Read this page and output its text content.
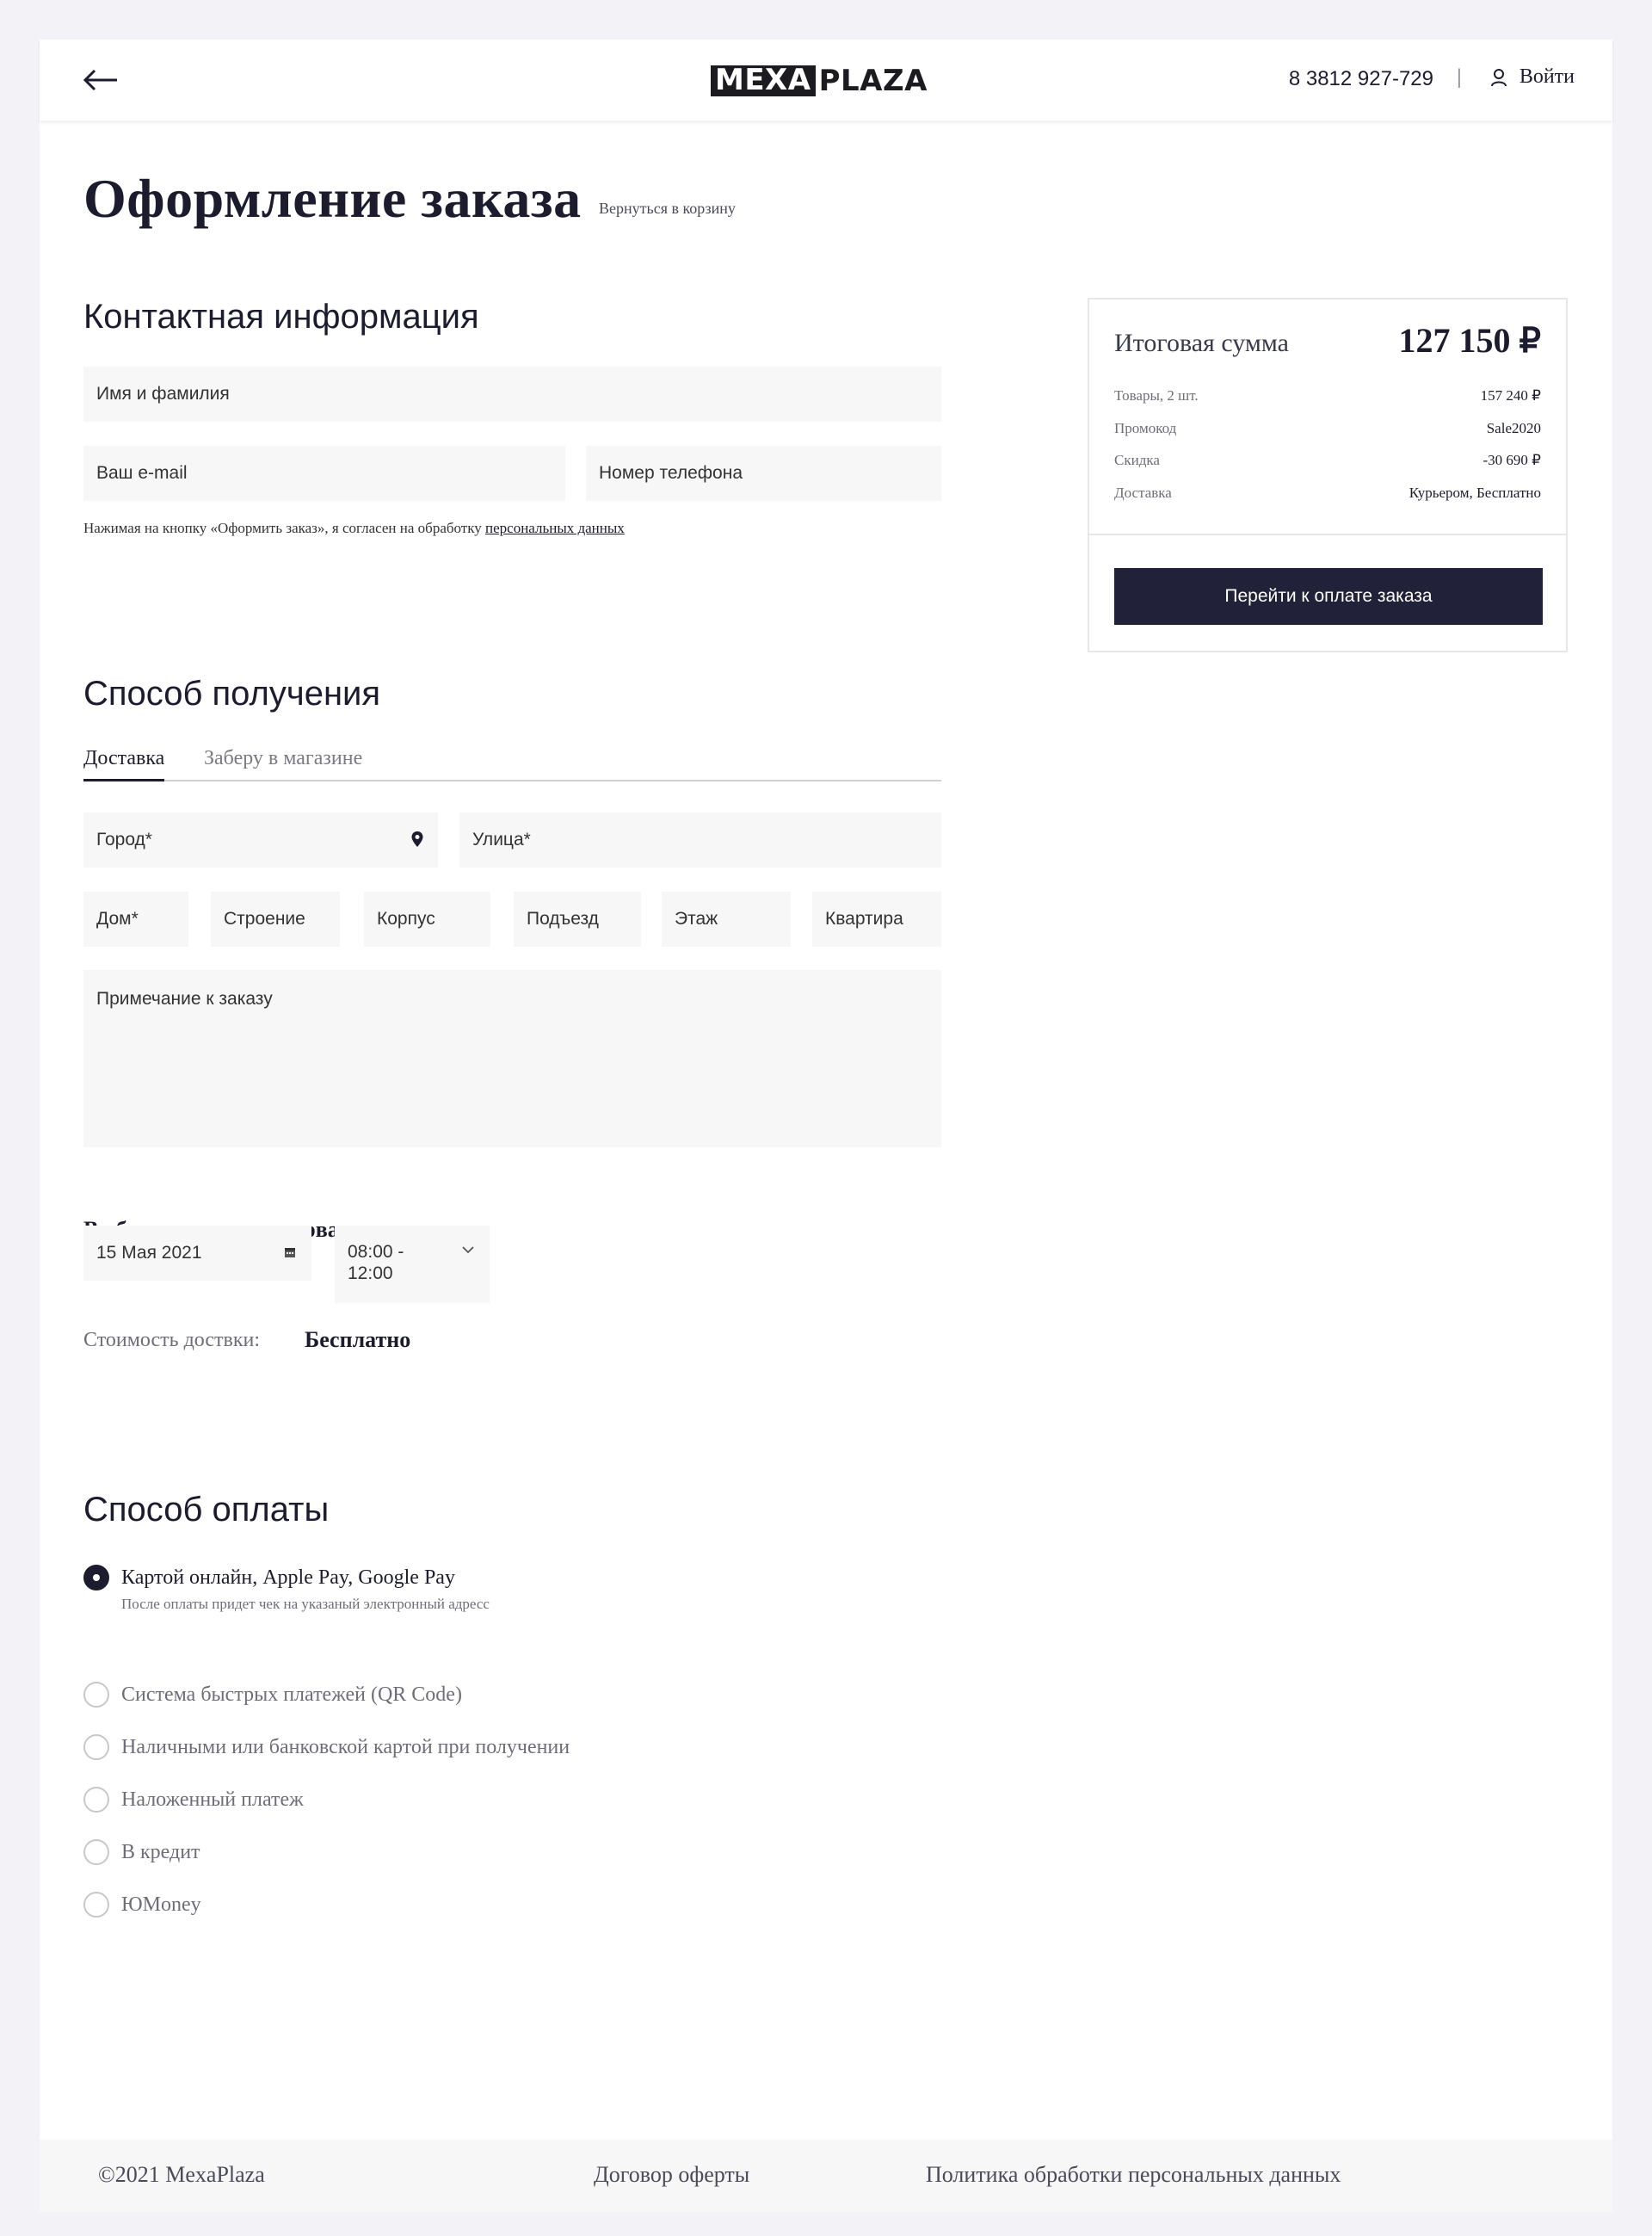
MEXA PLAZA	8 3812 927-729 |	Войти
Оформление заказа Вернуться в корзину
Контактная информация
Имя и фамилия
Ваш e-mail	Номер телефона
Нажимая на кнопку «Оформить заказ», я согласен на обработку персональных данных
Способ получения
Доставка Заберу в магазине
Город*	Улица*
Дом*	Строение	Корпус	Подъезд	Этаж	Квартира
Примечание к заказу
15 Мая 2021	08:00 - 12:00
Стоимость доствки: Бесплатно
Способ оплаты
Картой онлайн, Apple Pay, Google Pay
После оплаты придет чек на указаный электронный адресс
Система быстрых платежей (QR Code)
Наличными или банковской картой при получении
Наложенный платеж
В кредит
ЮMoney
Итоговая сумма	127 150 ₽
Товары, 2 шт.	157 240 ₽
Промокод	Sale2020
Скидка	-30 690 ₽
Доставка	Курьером, Бесплатно
Перейти к оплате заказа
©2021 MexaPlaza	Договор оферты	Политика обработки персональных данных
